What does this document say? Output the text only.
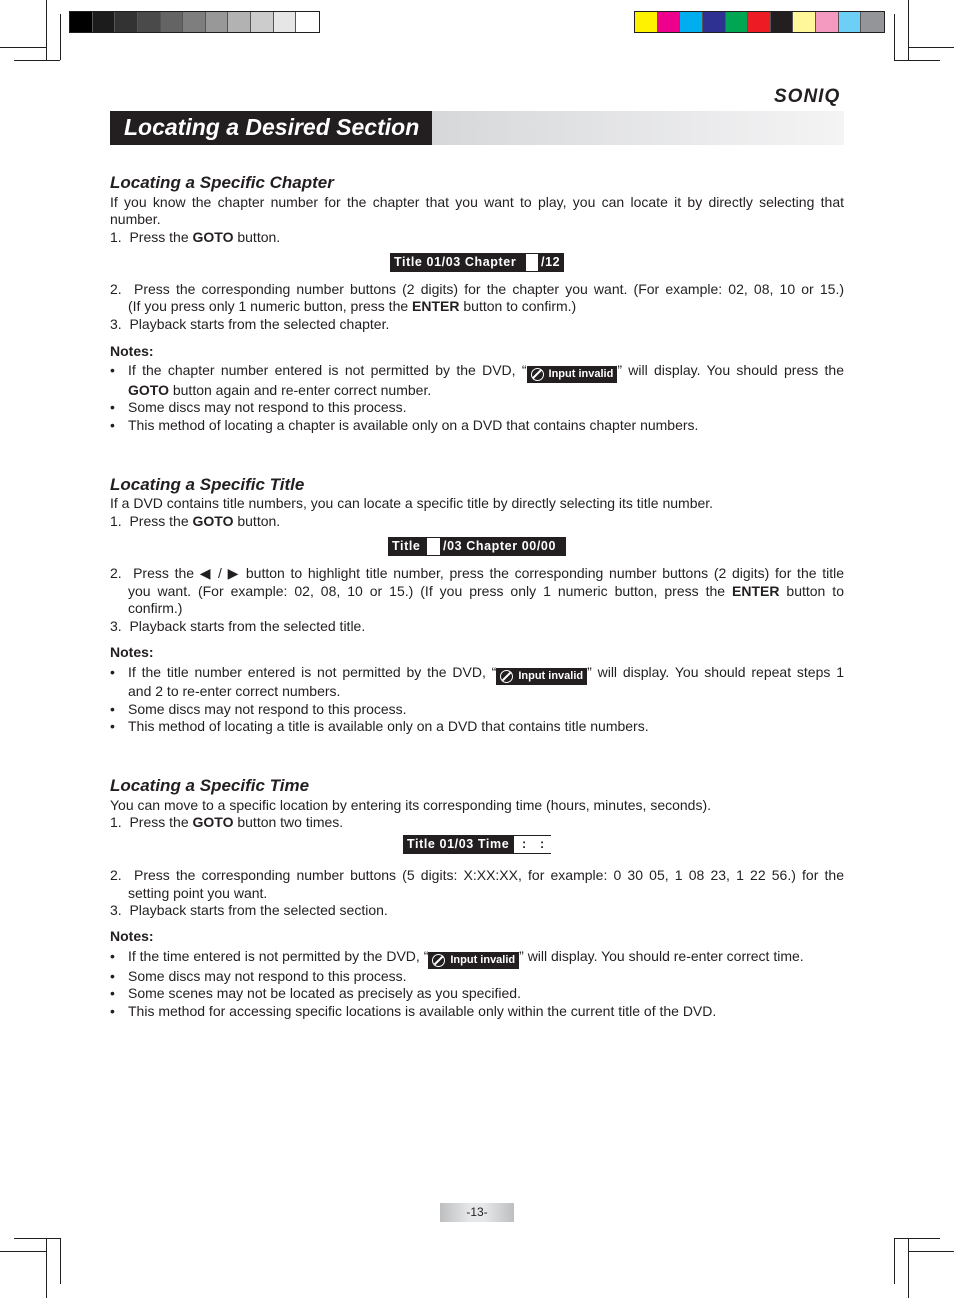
SONIQ
Locating a Desired Section
Locating a Specific Chapter
If you know the chapter number for the chapter that you want to play, you can locate it by directly selecting that
number.
1. Press the GOTO button.
Title 01/03 Chapter /12
2. Press the corresponding number buttons (2 digits) for the chapter you want. (For example: 02, 08, 10 or 15.)
(If you press only 1 numeric button, press the ENTER button to confirm.)
3. Playback starts from the selected chapter.
Notes:
• If the chapter number entered is not permitted by the DVD, “ Input invalid ” will display. You should press the
GOTO button again and re-enter correct number.
• Some discs may not respond to this process.
• This method of locating a chapter is available only on a DVD that contains chapter numbers.
Locating a Specific Title
If a DVD contains title numbers, you can locate a specific title by directly selecting its title number.
1. Press the GOTO button.
Title /03 Chapter 00/00
2. Press the ◀ / ▶ button to highlight title number, press the corresponding number buttons (2 digits) for the title
you want. (For example: 02, 08, 10 or 15.) (If you press only 1 numeric button, press the ENTER button to
confirm.)
3. Playback starts from the selected title.
Notes:
• If the title number entered is not permitted by the DVD, “ Input invalid ” will display. You should repeat steps 1
and 2 to re-enter correct numbers.
• Some discs may not respond to this process.
• This method of locating a title is available only on a DVD that contains title numbers.
Locating a Specific Time
You can move to a specific location by entering its corresponding time (hours, minutes, seconds).
1. Press the GOTO button two times.
Title 01/03 Time	:    :
2. Press the corresponding number buttons (5 digits: X:XX:XX, for example: 0 30 05, 1 08 23, 1 22 56.) for the
setting point you want.
3. Playback starts from the selected section.
Notes:
• If the time entered is not permitted by the DVD, “ Input invalid ” will display. You should re-enter correct time.
• Some discs may not respond to this process.
• Some scenes may not be located as precisely as you specified.
• This method for accessing specific locations is available only within the current title of the DVD.
-13-
